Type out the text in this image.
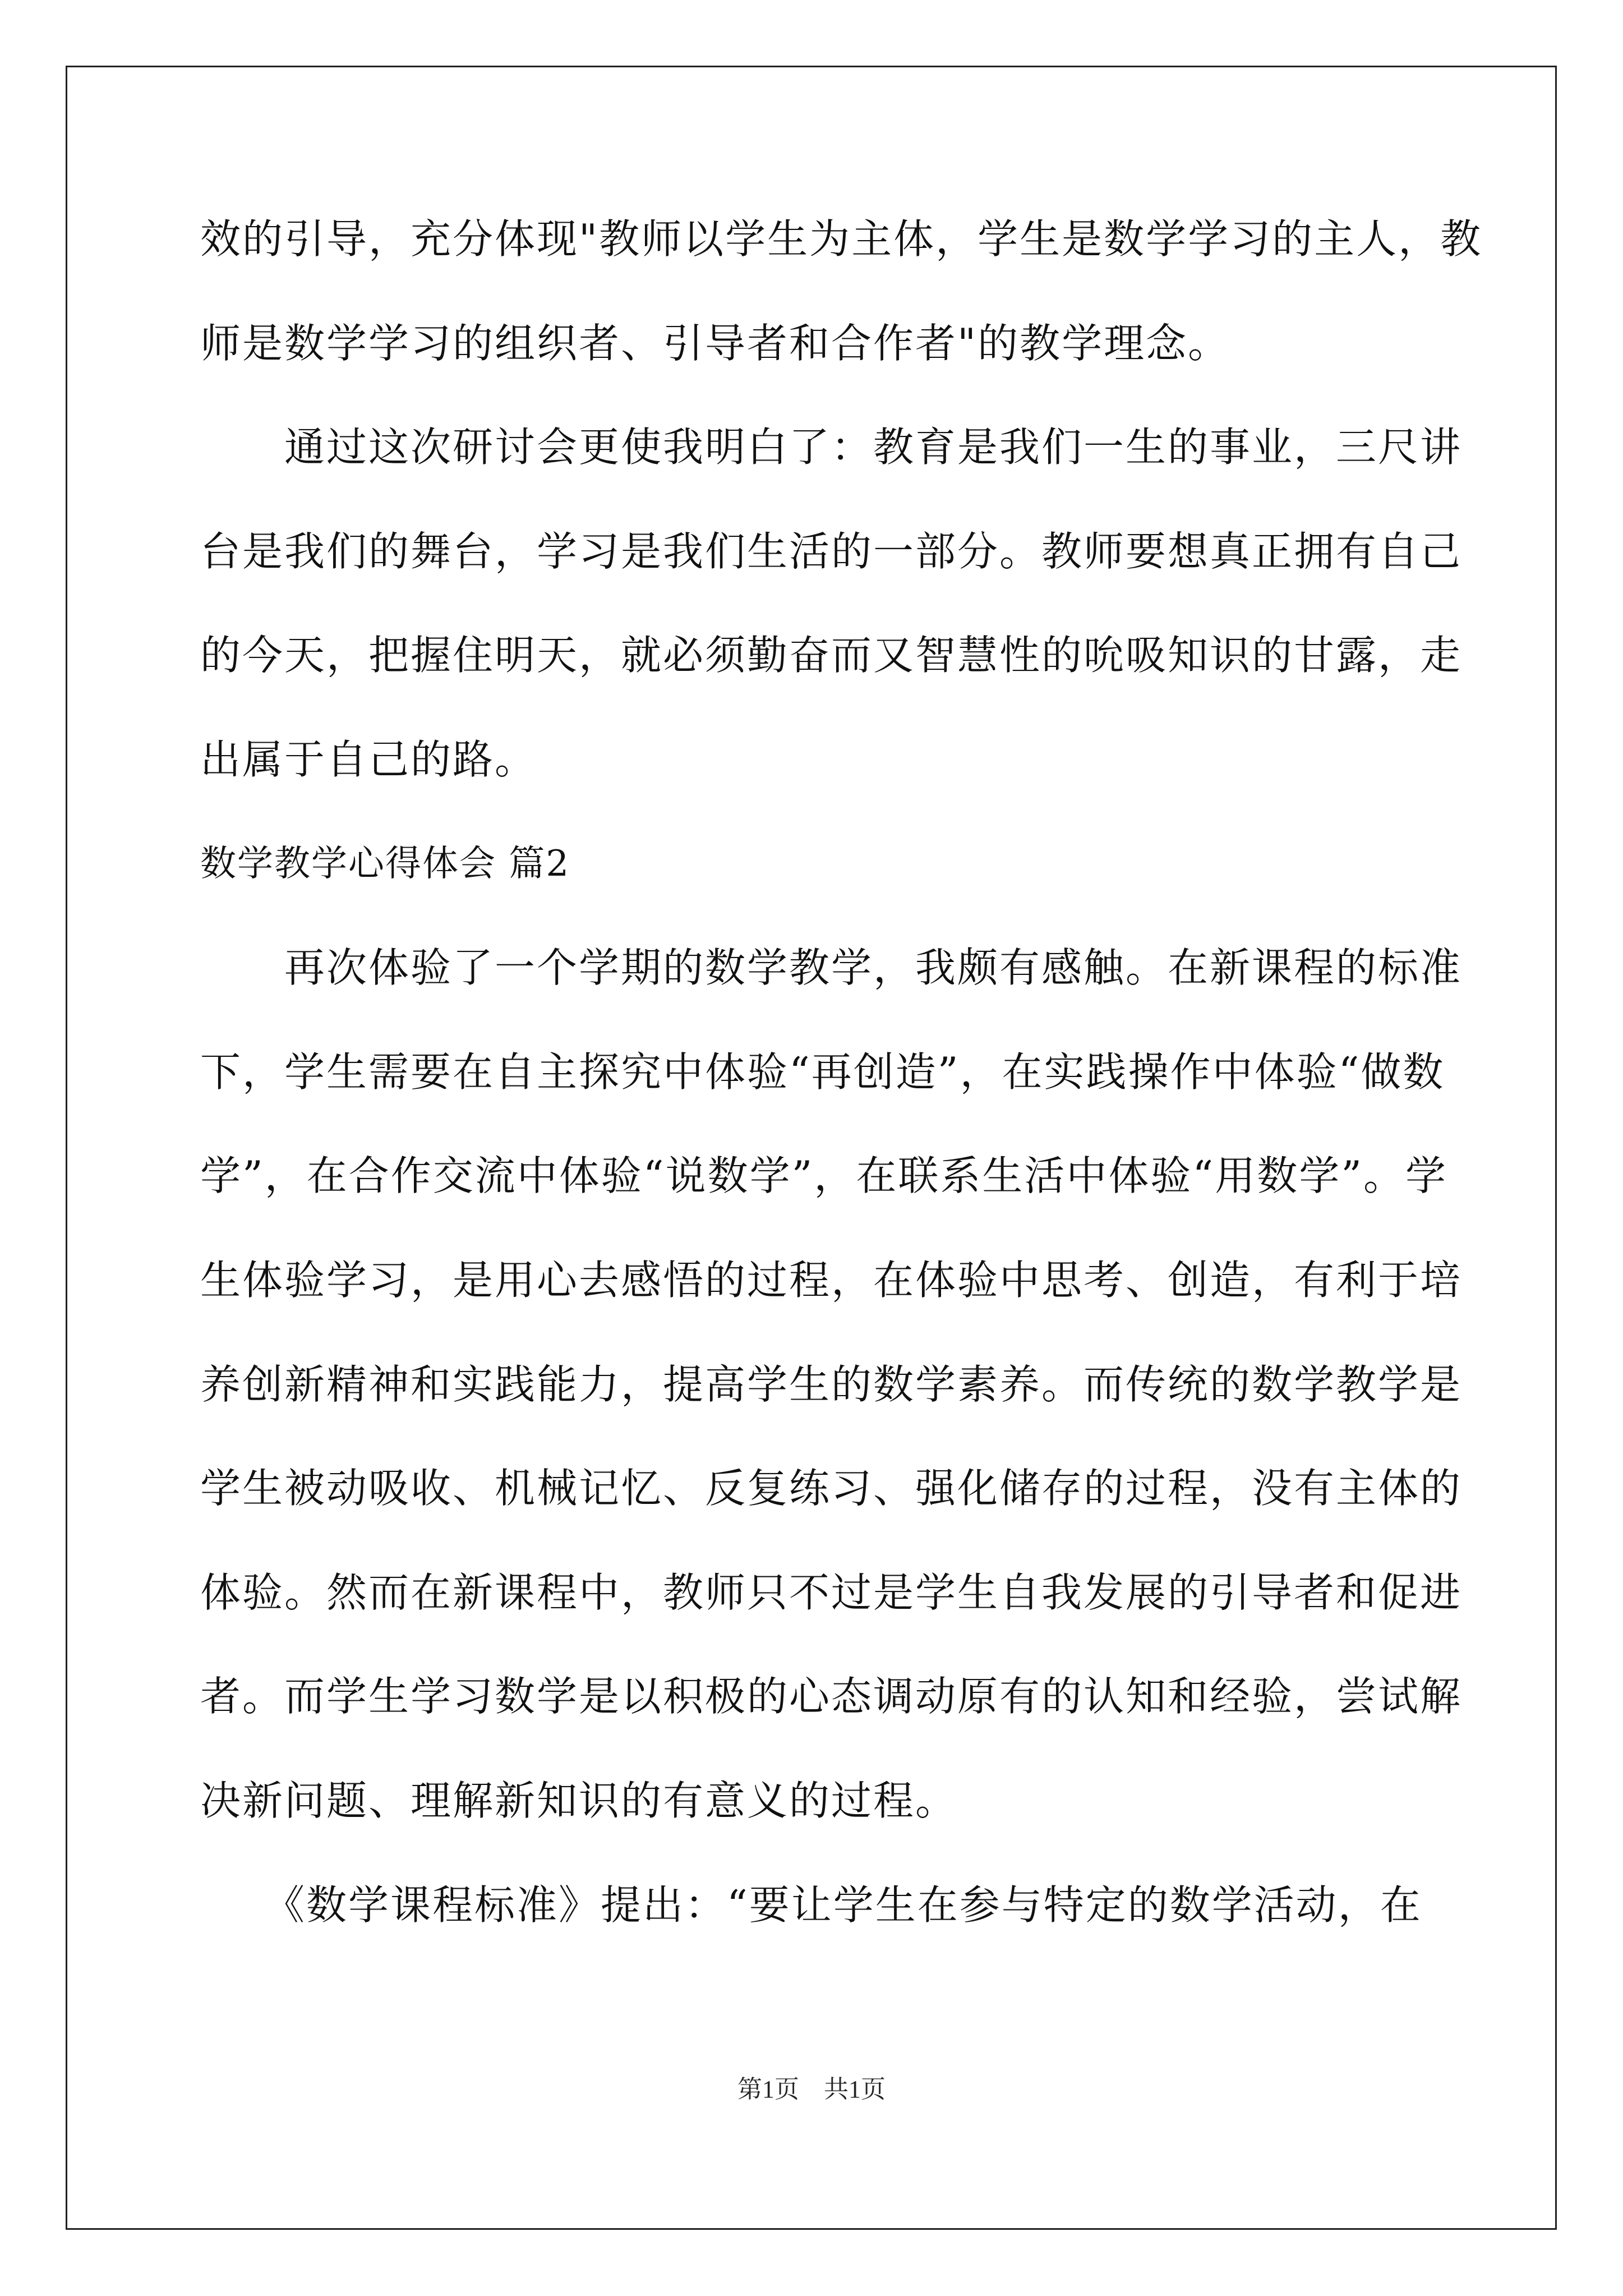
效的引导，充分体现"教师以学生为主体，学生是数学学习的主人，教
师是数学学习的组织者、引导者和合作者"的教学理念。
　　通过这次研讨会更使我明白了：教育是我们一生的事业，三尺讲
台是我们的舞台，学习是我们生活的一部分。教师要想真正拥有自己
的今天，把握住明天，就必须勤奋而又智慧性的吮吸知识的甘露，走
出属于自己的路。
数学教学心得体会 篇2
　　再次体验了一个学期的数学教学，我颇有感触。在新课程的标准
下，学生需要在自主探究中体验“再创造”，在实践操作中体验“做数
学”，在合作交流中体验“说数学”，在联系生活中体验“用数学”。学
生体验学习，是用心去感悟的过程，在体验中思考、创造，有利于培
养创新精神和实践能力，提高学生的数学素养。而传统的数学教学是
学生被动吸收、机械记忆、反复练习、强化储存的过程，没有主体的
体验。然而在新课程中，教师只不过是学生自我发展的引导者和促进
者。而学生学习数学是以积极的心态调动原有的认知和经验，尝试解
决新问题、理解新知识的有意义的过程。
　　《数学课程标准》提出：“要让学生在参与特定的数学活动，在
第1页　共1页
